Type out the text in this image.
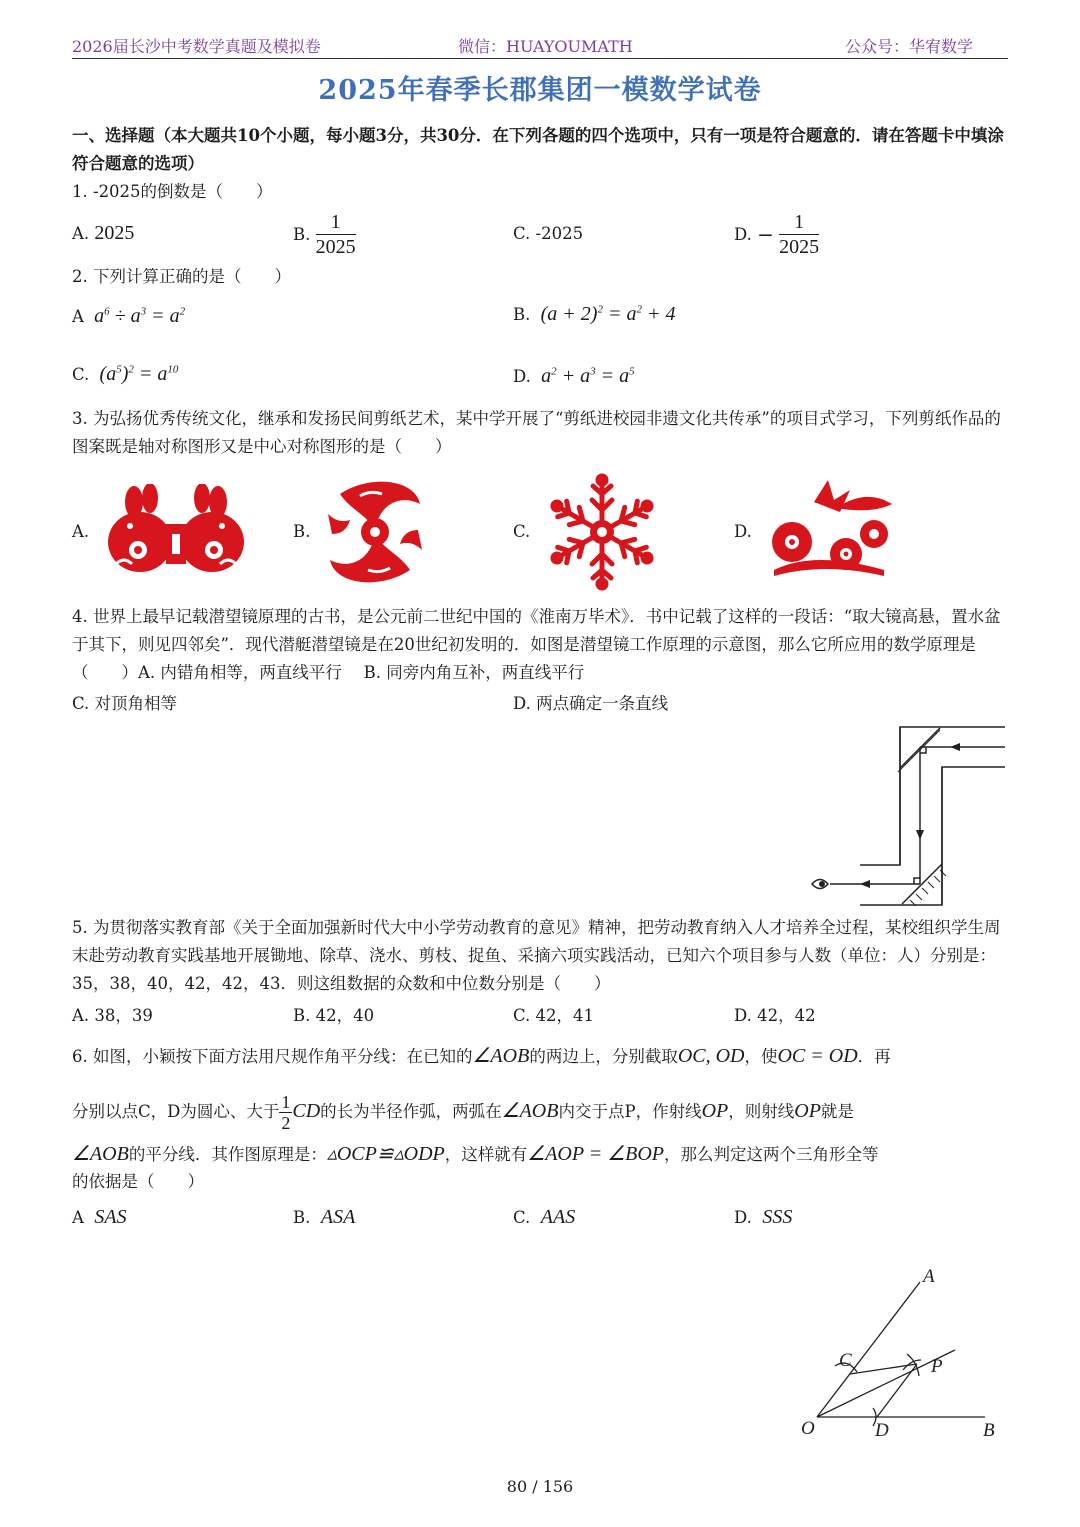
2026届长沙中考数学真题及模拟卷	微信：HUAYOUMATH	公众号：华宥数学
2025年春季长郡集团一模数学试卷
一、选择题（本大题共10个小题，每小题3分，共30分．在下列各题的四个选项中，只有一项是符合题意的．请在答题卡中填涂符合题意的选项）
1. -2025的倒数是（　　）
A. 2025	B. $\frac{1}{2025}$	C. -2025	D. − $\frac{1}{2025}$
2. 下列计算正确的是（　　）
A  $a^6 \div a^3 = a^2$	B.  $(a + 2)^2 = a^2 + 4$
C.  $(a^5)^2 = a^{10}$	D.  $a^2 + a^3 = a^5$
3. 为弘扬优秀传统文化，继承和发扬民间剪纸艺术，某中学开展了“剪纸进校园非遗文化共传承”的项目式学习，下列剪纸作品的图案既是轴对称图形又是中心对称图形的是（　　）
A.	B.	C.	D.
4. 世界上最早记载潜望镜原理的古书，是公元前二世纪中国的《淮南万毕术》．书中记载了这样的一段话：“取大镜高悬，置水盆于其下，则见四邻矣”．现代潜艇潜望镜是在20世纪初发明的．如图是潜望镜工作原理的示意图，那么它所应用的数学原理是（　　）A. 内错角相等，两直线平行　 B. 同旁内角互补，两直线平行
C. 对顶角相等	D. 两点确定一条直线
5. 为贯彻落实教育部《关于全面加强新时代大中小学劳动教育的意见》精神，把劳动教育纳入人才培养全过程，某校组织学生周末赴劳动教育实践基地开展锄地、除草、浇水、剪枝、捉鱼、采摘六项实践活动，已知六个项目参与人数（单位：人）分别是：35，38，40，42，42，43．则这组数据的众数和中位数分别是（　　）
A. 38，39	B. 42，40	C. 42，41	D. 42，42
6. 如图，小颖按下面方法用尺规作角平分线：在已知的∠AOB的两边上，分别截取OC, OD，使OC = OD．再
分别以点C，D为圆心、大于 $\frac{1}{2}$ CD的长为半径作弧，两弧在∠AOB内交于点P，作射线OP，则射线OP就是
∠AOB的平分线．其作图原理是：▵OCP≌▵ODP，这样就有∠AOP = ∠BOP，那么判定这两个三角形全等
的依据是（　　）
A SAS	B. ASA	C. AAS	D. SSS
A
B
C
D
O
P
80 / 156
